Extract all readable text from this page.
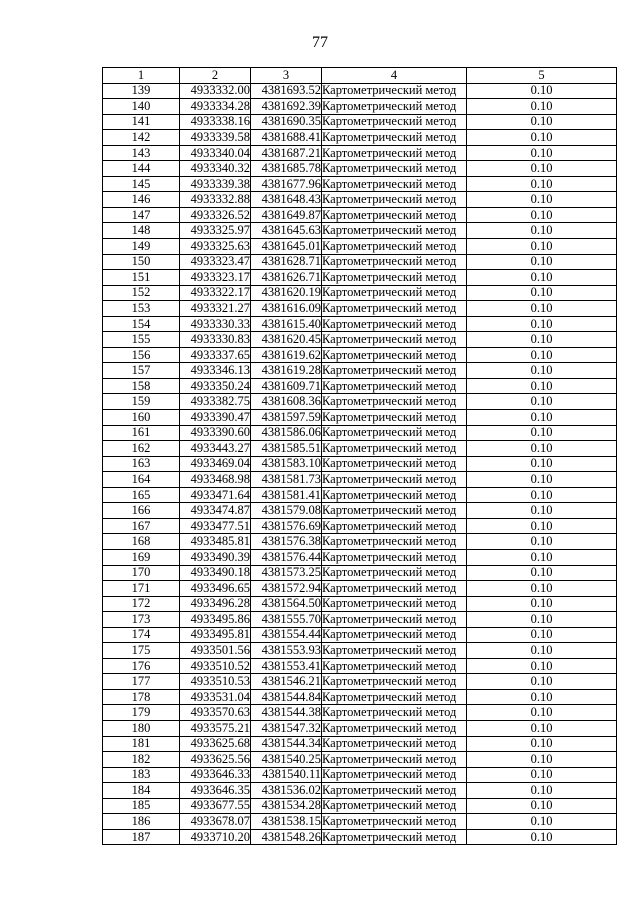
77
1	2	3	4	5
139	4933332.00	4381693.52	Картометрический метод	0.10
140	4933334.28	4381692.39	Картометрический метод	0.10
141	4933338.16	4381690.35	Картометрический метод	0.10
142	4933339.58	4381688.41	Картометрический метод	0.10
143	4933340.04	4381687.21	Картометрический метод	0.10
144	4933340.32	4381685.78	Картометрический метод	0.10
145	4933339.38	4381677.96	Картометрический метод	0.10
146	4933332.88	4381648.43	Картометрический метод	0.10
147	4933326.52	4381649.87	Картометрический метод	0.10
148	4933325.97	4381645.63	Картометрический метод	0.10
149	4933325.63	4381645.01	Картометрический метод	0.10
150	4933323.47	4381628.71	Картометрический метод	0.10
151	4933323.17	4381626.71	Картометрический метод	0.10
152	4933322.17	4381620.19	Картометрический метод	0.10
153	4933321.27	4381616.09	Картометрический метод	0.10
154	4933330.33	4381615.40	Картометрический метод	0.10
155	4933330.83	4381620.45	Картометрический метод	0.10
156	4933337.65	4381619.62	Картометрический метод	0.10
157	4933346.13	4381619.28	Картометрический метод	0.10
158	4933350.24	4381609.71	Картометрический метод	0.10
159	4933382.75	4381608.36	Картометрический метод	0.10
160	4933390.47	4381597.59	Картометрический метод	0.10
161	4933390.60	4381586.06	Картометрический метод	0.10
162	4933443.27	4381585.51	Картометрический метод	0.10
163	4933469.04	4381583.10	Картометрический метод	0.10
164	4933468.98	4381581.73	Картометрический метод	0.10
165	4933471.64	4381581.41	Картометрический метод	0.10
166	4933474.87	4381579.08	Картометрический метод	0.10
167	4933477.51	4381576.69	Картометрический метод	0.10
168	4933485.81	4381576.38	Картометрический метод	0.10
169	4933490.39	4381576.44	Картометрический метод	0.10
170	4933490.18	4381573.25	Картометрический метод	0.10
171	4933496.65	4381572.94	Картометрический метод	0.10
172	4933496.28	4381564.50	Картометрический метод	0.10
173	4933495.86	4381555.70	Картометрический метод	0.10
174	4933495.81	4381554.44	Картометрический метод	0.10
175	4933501.56	4381553.93	Картометрический метод	0.10
176	4933510.52	4381553.41	Картометрический метод	0.10
177	4933510.53	4381546.21	Картометрический метод	0.10
178	4933531.04	4381544.84	Картометрический метод	0.10
179	4933570.63	4381544.38	Картометрический метод	0.10
180	4933575.21	4381547.32	Картометрический метод	0.10
181	4933625.68	4381544.34	Картометрический метод	0.10
182	4933625.56	4381540.25	Картометрический метод	0.10
183	4933646.33	4381540.11	Картометрический метод	0.10
184	4933646.35	4381536.02	Картометрический метод	0.10
185	4933677.55	4381534.28	Картометрический метод	0.10
186	4933678.07	4381538.15	Картометрический метод	0.10
187	4933710.20	4381548.26	Картометрический метод	0.10
